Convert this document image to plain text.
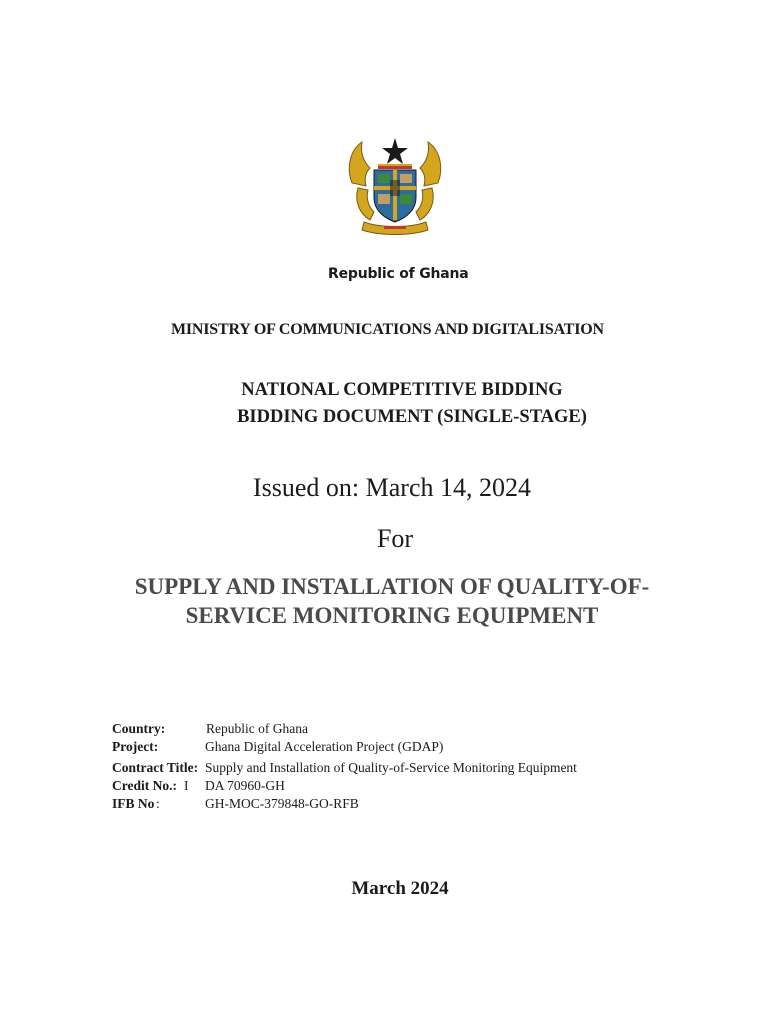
Republic of Ghana
MINISTRY OF COMMUNICATIONS AND DIGITALISATION
NATIONAL COMPETITIVE BIDDING
BIDDING DOCUMENT (SINGLE-STAGE)
Issued on: March 14, 2024
For
SUPPLY AND INSTALLATION OF QUALITY-OF-
SERVICE MONITORING EQUIPMENT
Country:	Republic of Ghana
Project:	Ghana Digital Acceleration Project (GDAP)
Contract Title: Supply and Installation of Quality-of-Service Monitoring Equipment
Credit No.: I DA 70960-GH
IFB No :	GH-MOC-379848-GO-RFB
March 2024
